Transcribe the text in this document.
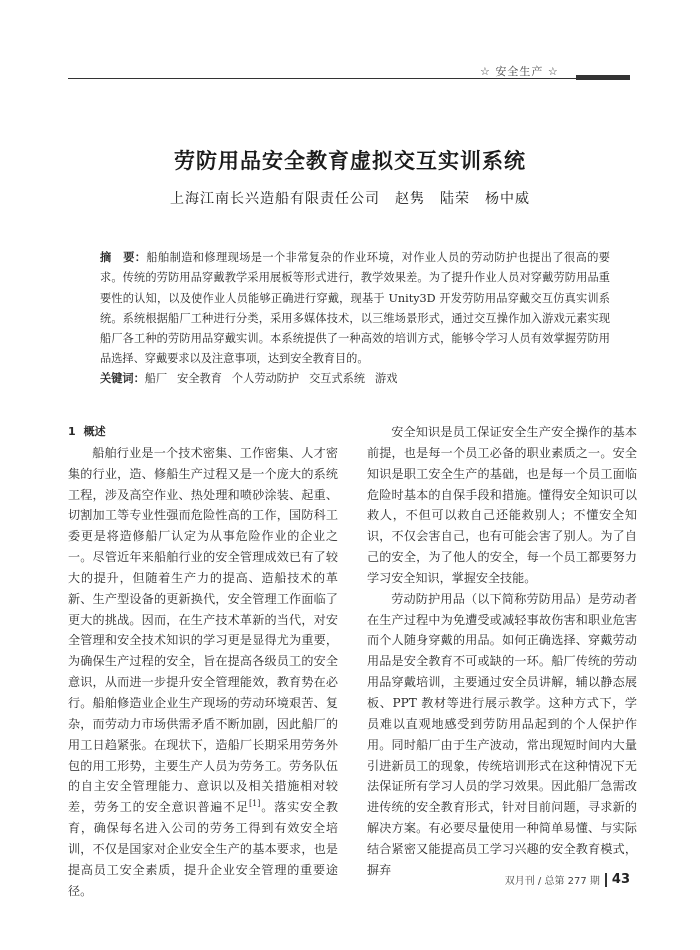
☆ 安全生产 ☆
劳防用品安全教育虚拟交互实训系统
上海江南长兴造船有限责任公司　赵隽　陆荣　杨中威
摘　要：船舶制造和修理现场是一个非常复杂的作业环境，对作业人员的劳动防护也提出了很高的要求。传统的劳防用品穿戴教学采用展板等形式进行，教学效果差。为了提升作业人员对穿戴劳防用品重要性的认知，以及使作业人员能够正确进行穿戴，现基于 Unity3D 开发劳防用品穿戴交互仿真实训系统。系统根据船厂工种进行分类，采用多媒体技术，以三维场景形式，通过交互操作加入游戏元素实现船厂各工种的劳防用品穿戴实训。本系统提供了一种高效的培训方式，能够令学习人员有效掌握劳防用品选择、穿戴要求以及注意事项，达到安全教育目的。
关键词：船厂 安全教育 个人劳动防护 交互式系统 游戏
1 概述

船舶行业是一个技术密集、工作密集、人才密集的行业，造、修船生产过程又是一个庞大的系统工程，涉及高空作业、热处理和喷砂涂装、起重、切割加工等专业性强而危险性高的工作，国防科工委更是将造修船厂认定为从事危险作业的企业之一。尽管近年来船舶行业的安全管理成效已有了较大的提升，但随着生产力的提高、造船技术的革新、生产型设备的更新换代，安全管理工作面临了更大的挑战。因而，在生产技术革新的当代，对安全管理和安全技术知识的学习更是显得尤为重要，为确保生产过程的安全，旨在提高各级员工的安全意识，从而进一步提升安全管理能效，教育势在必行。船舶修造业企业生产现场的劳动环境艰苦、复杂，而劳动力市场供需矛盾不断加剧，因此船厂的用工日趋紧张。在现状下，造船厂长期采用劳务外包的用工形势，主要生产人员为劳务工。劳务队伍的自主安全管理能力、意识以及相关措施相对较差，劳务工的安全意识普遍不足[1]。落实安全教育，确保每名进入公司的劳务工得到有效安全培训，不仅是国家对企业安全生产的基本要求，也是提高员工安全素质，提升企业安全管理的重要途径。

安全知识是员工保证安全生产安全操作的基本前提，也是每一个员工必备的职业素质之一。安全知识是职工安全生产的基础，也是每一个员工面临危险时基本的自保手段和措施。懂得安全知识可以救人，不但可以救自己还能救别人；不懂安全知识，不仅会害自己，也有可能会害了别人。为了自己的安全，为了他人的安全，每一个员工都要努力学习安全知识，掌握安全技能。

劳动防护用品（以下简称劳防用品）是劳动者在生产过程中为免遭受或减轻事故伤害和职业危害而个人随身穿戴的用品。如何正确选择、穿戴劳动用品是安全教育不可或缺的一环。船厂传统的劳动用品穿戴培训，主要通过安全员讲解，辅以静态展板、PPT 教材等进行展示教学。这种方式下，学员难以直观地感受到劳防用品起到的个人保护作用。同时船厂由于生产波动，常出现短时间内大量引进新员工的现象，传统培训形式在这种情况下无法保证所有学习人员的学习效果。因此船厂急需改进传统的安全教育形式，针对目前问题，寻求新的解决方案。有必要尽量使用一种简单易懂、与实际结合紧密又能提高员工学习兴趣的安全教育模式，摒弃

双月刊 / 总第 277 期 43
